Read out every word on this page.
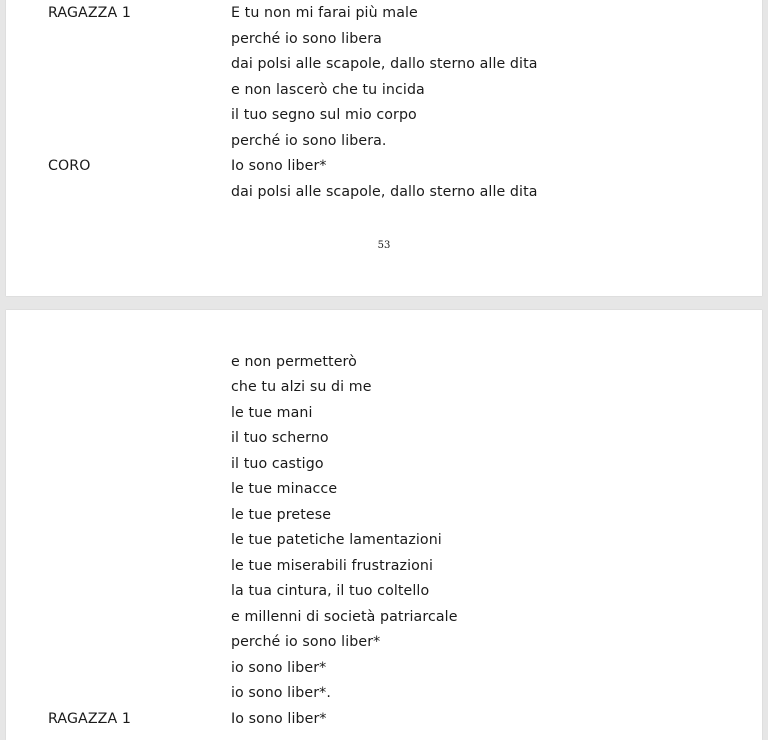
RAGAZZA 1	E tu non mi farai più male
perché io sono libera
dai polsi alle scapole, dallo sterno alle dita
e non lascerò che tu incida
il tuo segno sul mio corpo
perché io sono libera.
CORO	Io sono liber*
dai polsi alle scapole, dallo sterno alle dita
53
e non permetterò
che tu alzi su di me
le tue mani
il tuo scherno
il tuo castigo
le tue minacce
le tue pretese
le tue patetiche lamentazioni
le tue miserabili frustrazioni
la tua cintura, il tuo coltello
e millenni di società patriarcale
perché io sono liber*
io sono liber*
io sono liber*.
RAGAZZA 1	Io sono liber*
